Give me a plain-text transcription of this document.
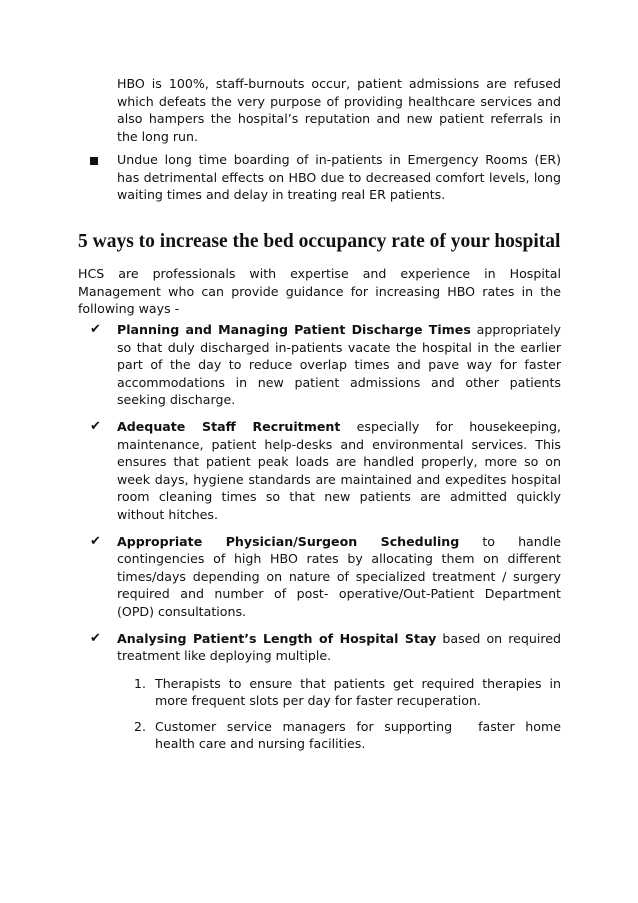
HBO is 100%, staff-burnouts occur, patient admissions are refused which defeats the very purpose of providing healthcare services and also hampers the hospital’s reputation and new patient referrals in the long run.

Undue long time boarding of in-patients in Emergency Rooms (ER) has detrimental effects on HBO due to decreased comfort levels, long waiting times and delay in treating real ER patients.
5 ways to increase the bed occupancy rate of your hospital

HCS are professionals with expertise and experience in Hospital Management who can provide guidance for increasing HBO rates in the following ways -

✔ Planning and Managing Patient Discharge Times appropriately so that duly discharged in-patients vacate the hospital in the earlier part of the day to reduce overlap times and pave way for faster accommodations in new patient admissions and other patients seeking discharge.
✔ Adequate Staff Recruitment especially for housekeeping, maintenance, patient help-desks and environmental services. This ensures that patient peak loads are handled properly, more so on week days, hygiene standards are maintained and expedites hospital room cleaning times so that new patients are admitted quickly without hitches.
✔ Appropriate Physician/Surgeon Scheduling to handle contingencies of high HBO rates by allocating them on different times/days depending on nature of specialized treatment / surgery required and number of post- operative/Out-Patient Department (OPD) consultations.
✔ Analysing Patient’s Length of Hospital Stay based on required treatment like deploying multiple.
1. Therapists to ensure that patients get required therapies in more frequent slots per day for faster recuperation.
2. Customer service managers for supporting faster home health care and nursing facilities.
